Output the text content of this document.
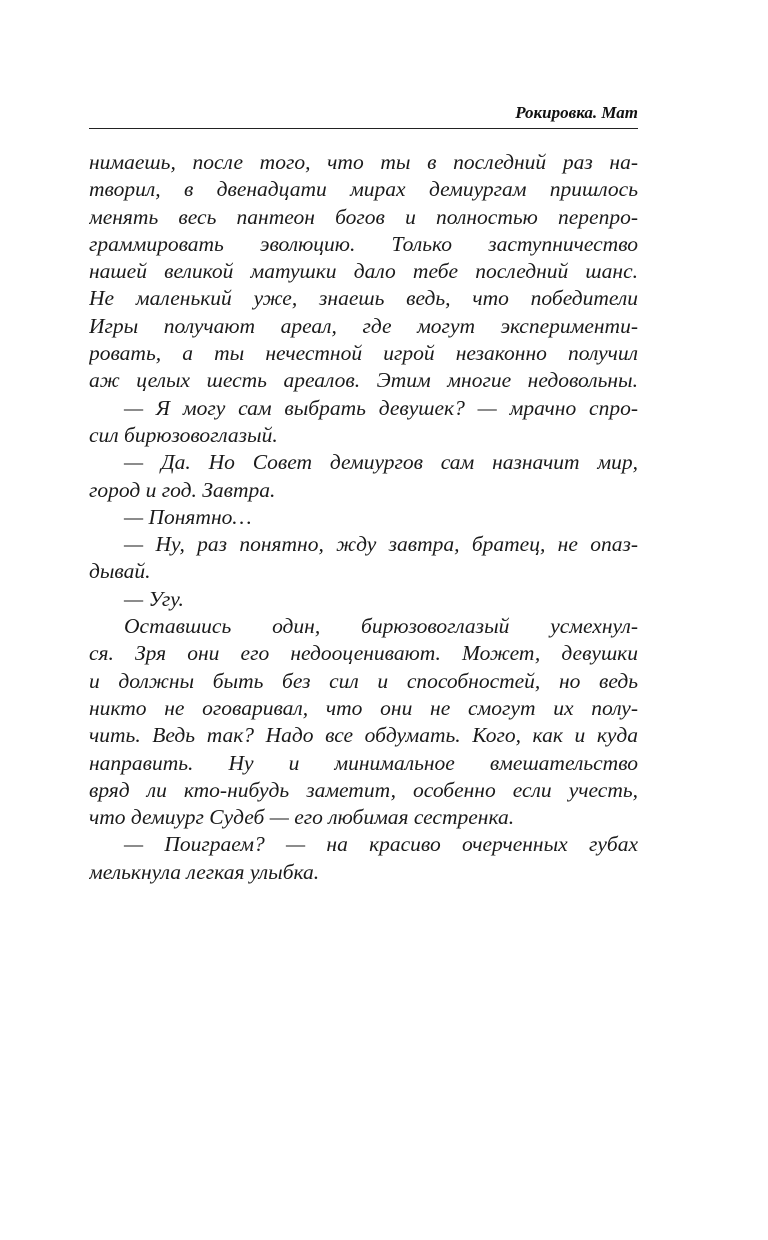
Рокировка. Мат
нимаешь, после того, что ты в последний раз на-
творил, в двенадцати мирах демиургам пришлось
менять весь пантеон богов и полностью перепро-
граммировать эволюцию. Только заступничество
нашей великой матушки дало тебе последний шанс.
Не маленький уже, знаешь ведь, что победители
Игры получают ареал, где могут эксперименти-
ровать, а ты нечестной игрой незаконно получил
аж целых шесть ареалов. Этим многие недовольны.
— Я могу сам выбрать девушек? — мрачно спро-
сил бирюзовоглазый.
— Да. Но Совет демиургов сам назначит мир,
город и год. Завтра.
— Понятно…
— Ну, раз понятно, жду завтра, братец, не опаз-
дывай.
— Угу.
Оставшись один, бирюзовоглазый усмехнул-
ся. Зря они его недооценивают. Может, девушки
и должны быть без сил и способностей, но ведь
никто не оговаривал, что они не смогут их полу-
чить. Ведь так? Надо все обдумать. Кого, как и куда
направить. Ну и минимальное вмешательство
вряд ли кто-нибудь заметит, особенно если учесть,
что демиург Судеб — его любимая сестренка.
— Поиграем? — на красиво очерченных губах
мелькнула легкая улыбка.
